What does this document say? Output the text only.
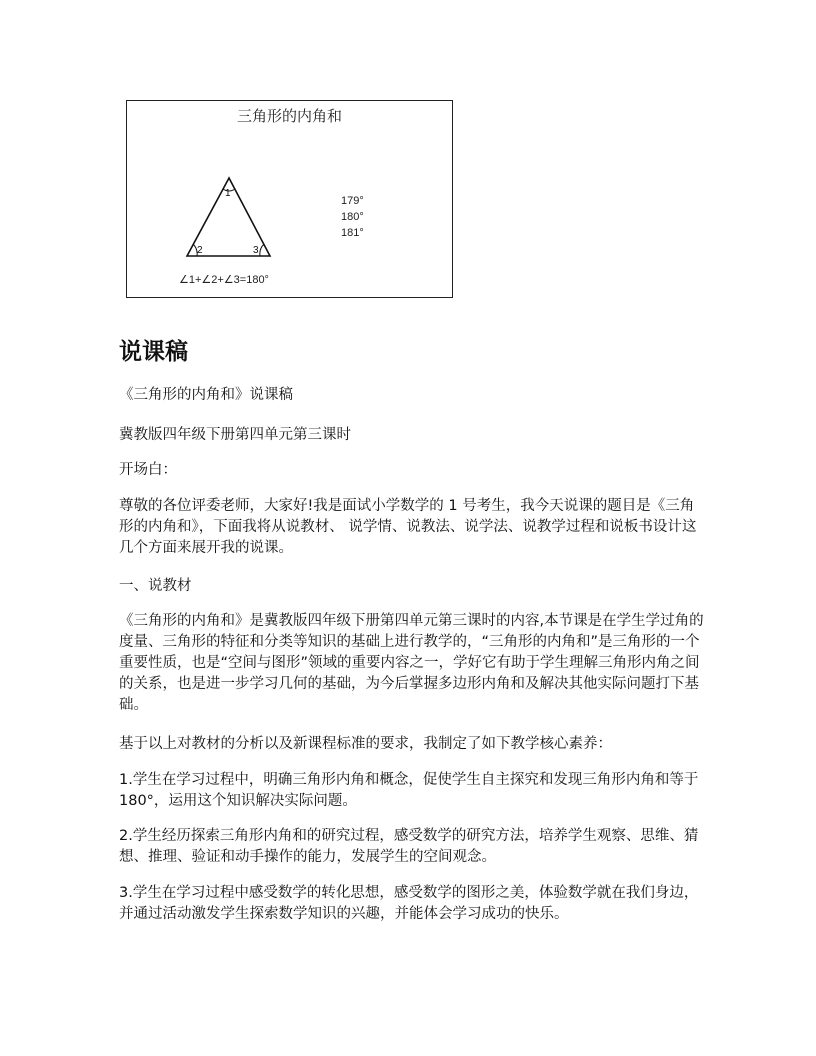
三角形的内角和
1
2	3
179°
180°
181°
∠1+∠2+∠3=180°
说课稿

《三角形的内角和》说课稿

冀教版四年级下册第四单元第三课时

开场白：

尊敬的各位评委老师，大家好!我是面试小学数学的 1 号考生，我今天说课的题目是《三角形的内角和》，下面我将从说教材、 说学情、说教法、说学法、说教学过程和说板书设计这几个方面来展开我的说课。

一、说教材

《三角形的内角和》是冀教版四年级下册第四单元第三课时的内容,本节课是在学生学过角的度量、三角形的特征和分类等知识的基础上进行教学的，“三角形的内角和”是三角形的一个重要性质，也是“空间与图形”领域的重要内容之一，学好它有助于学生理解三角形内角之间的关系，也是进一步学习几何的基础，为今后掌握多边形内角和及解决其他实际问题打下基础。

基于以上对教材的分析以及新课程标准的要求，我制定了如下教学核心素养：

1.学生在学习过程中，明确三角形内角和概念，促使学生自主探究和发现三角形内角和等于 180°，运用这个知识解决实际问题。

2.学生经历探索三角形内角和的研究过程，感受数学的研究方法，培养学生观察、思维、猜想、推理、验证和动手操作的能力，发展学生的空间观念。

3.学生在学习过程中感受数学的转化思想，感受数学的图形之美，体验数学就在我们身边，并通过活动激发学生探索数学知识的兴趣，并能体会学习成功的快乐。
